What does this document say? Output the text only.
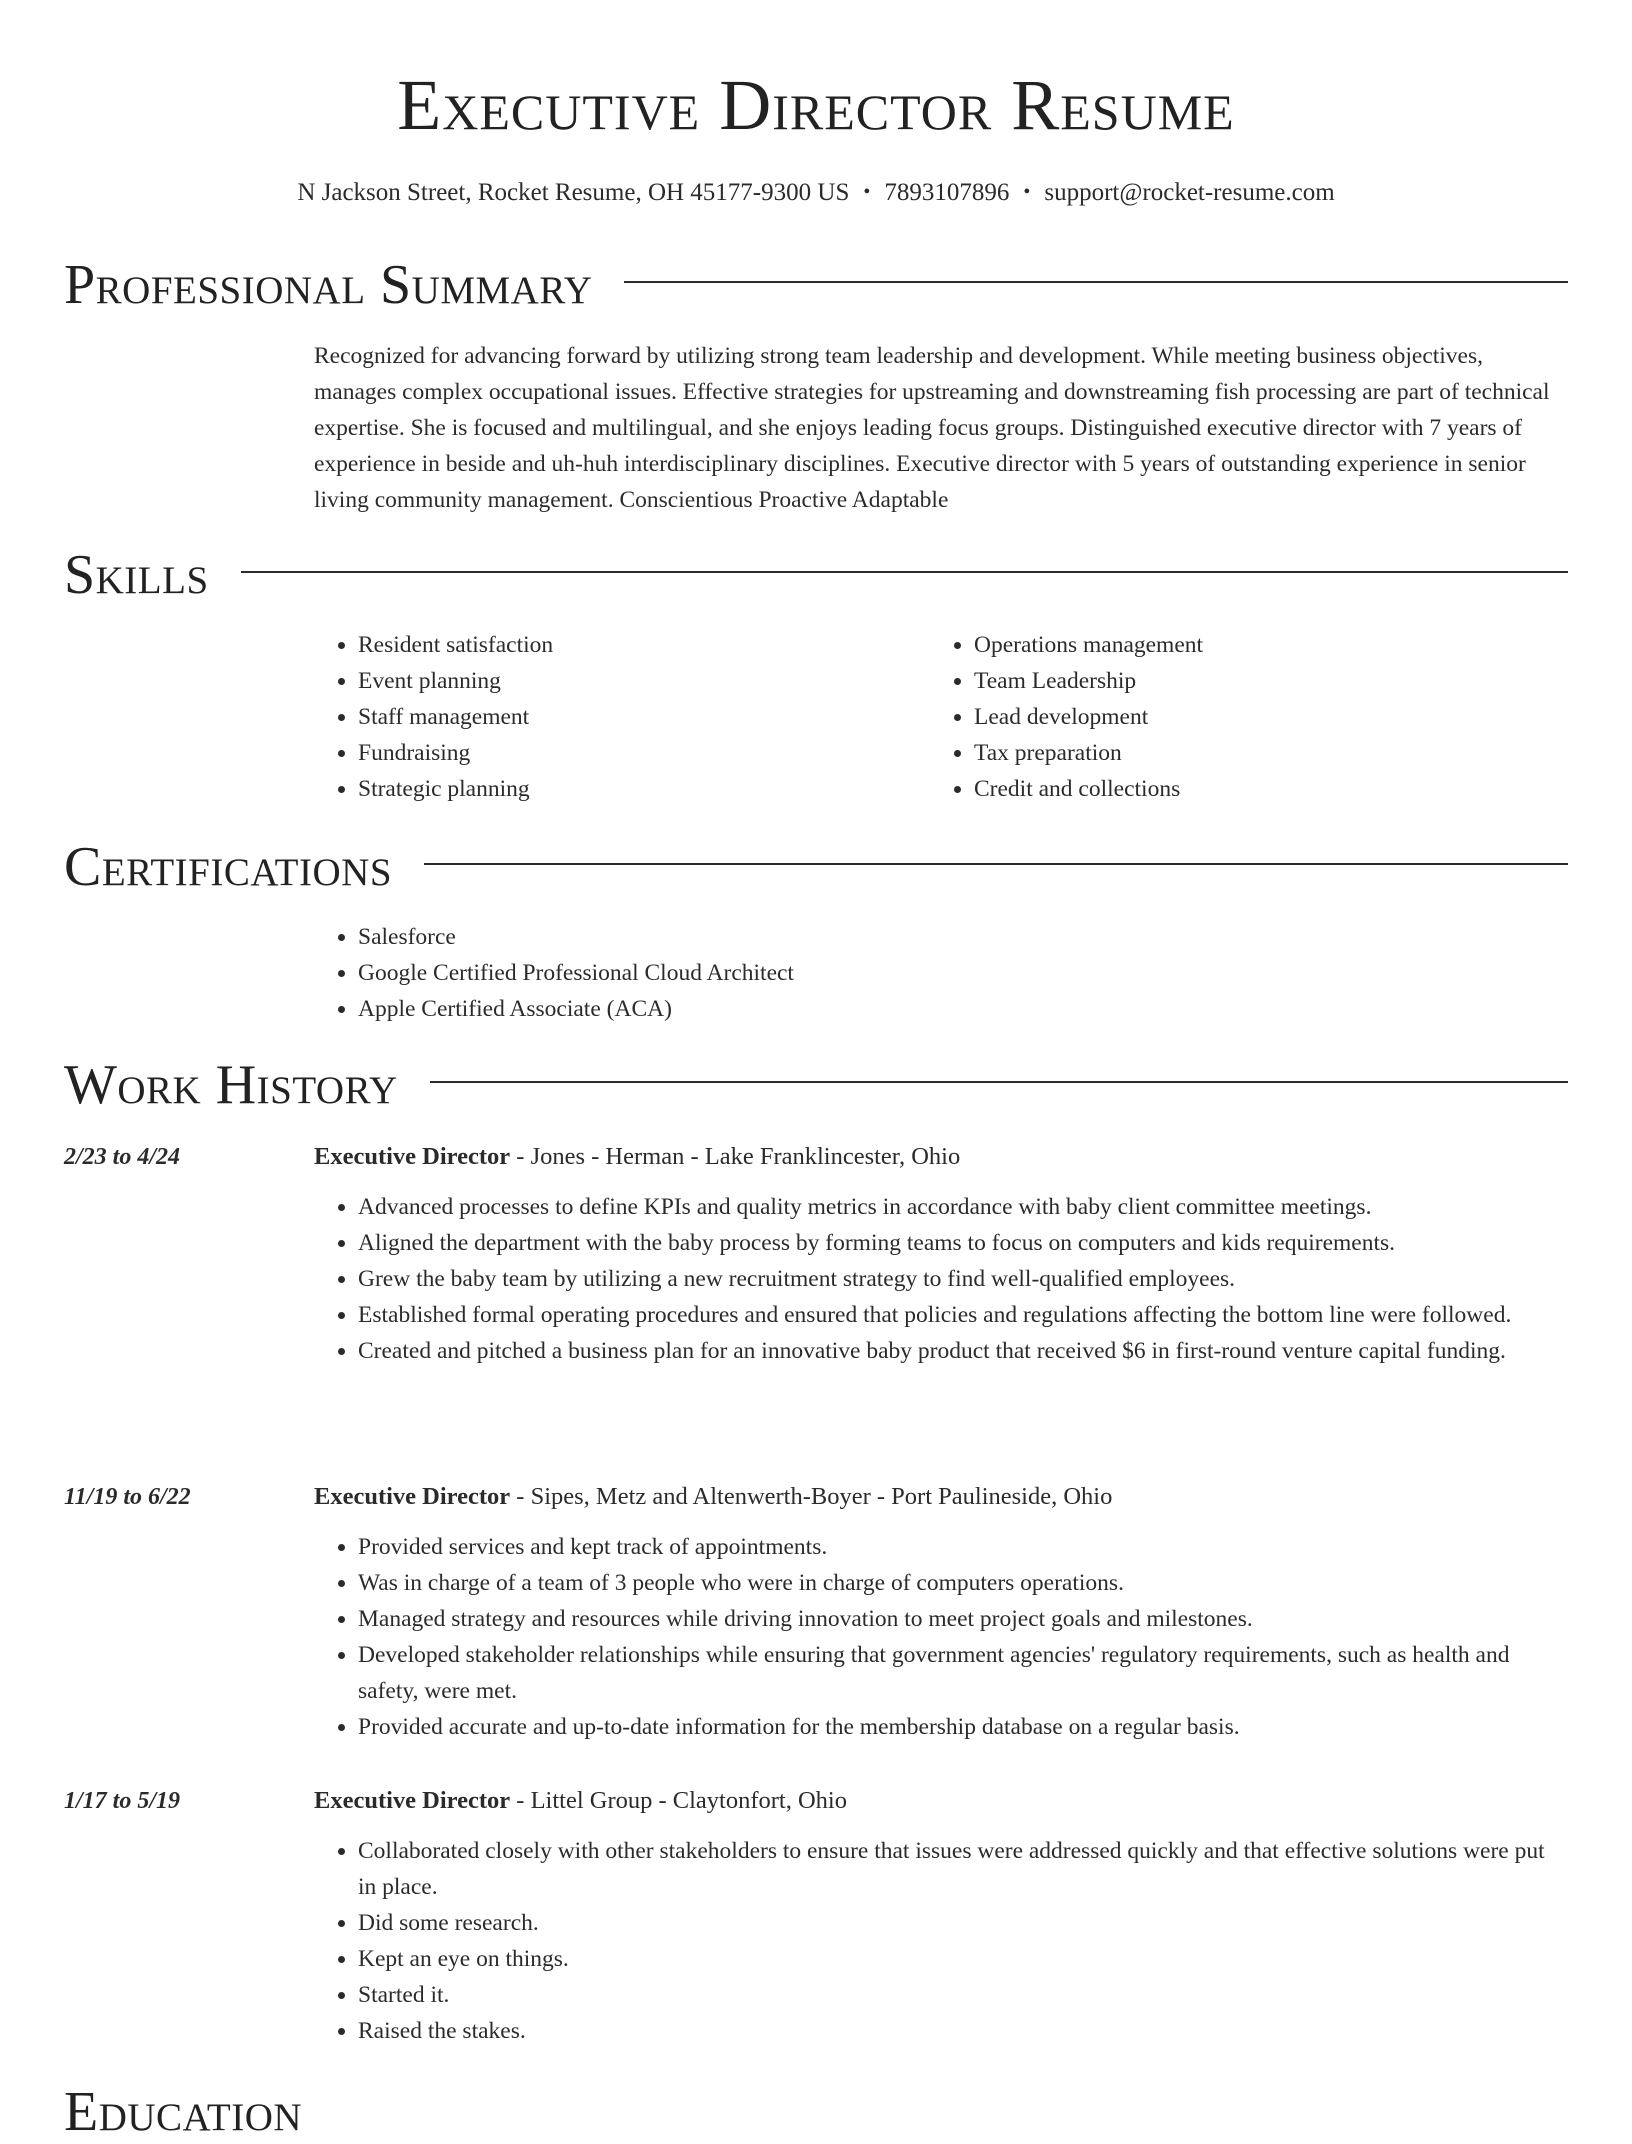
Executive Director Resume
N Jackson Street, Rocket Resume, OH 45177-9300 US • 7893107896 • support@rocket-resume.com
Professional Summary
Recognized for advancing forward by utilizing strong team leadership and development. While meeting business objectives, manages complex occupational issues. Effective strategies for upstreaming and downstreaming fish processing are part of technical expertise. She is focused and multilingual, and she enjoys leading focus groups. Distinguished executive director with 7 years of experience in beside and uh-huh interdisciplinary disciplines. Executive director with 5 years of outstanding experience in senior living community management. Conscientious Proactive Adaptable
Skills
• Resident satisfaction
• Event planning
• Staff management
• Fundraising
• Strategic planning
• Operations management
• Team Leadership
• Lead development
• Tax preparation
• Credit and collections
Certifications
• Salesforce
• Google Certified Professional Cloud Architect
• Apple Certified Associate (ACA)
Work History
2/23 to 4/24	Executive Director - Jones - Herman - Lake Franklincester, Ohio
• Advanced processes to define KPIs and quality metrics in accordance with baby client committee meetings.
• Aligned the department with the baby process by forming teams to focus on computers and kids requirements.
• Grew the baby team by utilizing a new recruitment strategy to find well-qualified employees.
• Established formal operating procedures and ensured that policies and regulations affecting the bottom line were followed.
• Created and pitched a business plan for an innovative baby product that received $6 in first-round venture capital funding.
11/19 to 6/22	Executive Director - Sipes, Metz and Altenwerth-Boyer - Port Paulineside, Ohio
• Provided services and kept track of appointments.
• Was in charge of a team of 3 people who were in charge of computers operations.
• Managed strategy and resources while driving innovation to meet project goals and milestones.
• Developed stakeholder relationships while ensuring that government agencies' regulatory requirements, such as health and safety, were met.
• Provided accurate and up-to-date information for the membership database on a regular basis.
1/17 to 5/19	Executive Director - Littel Group - Claytonfort, Ohio
• Collaborated closely with other stakeholders to ensure that issues were addressed quickly and that effective solutions were put in place.
• Did some research.
• Kept an eye on things.
• Started it.
• Raised the stakes.
Education
